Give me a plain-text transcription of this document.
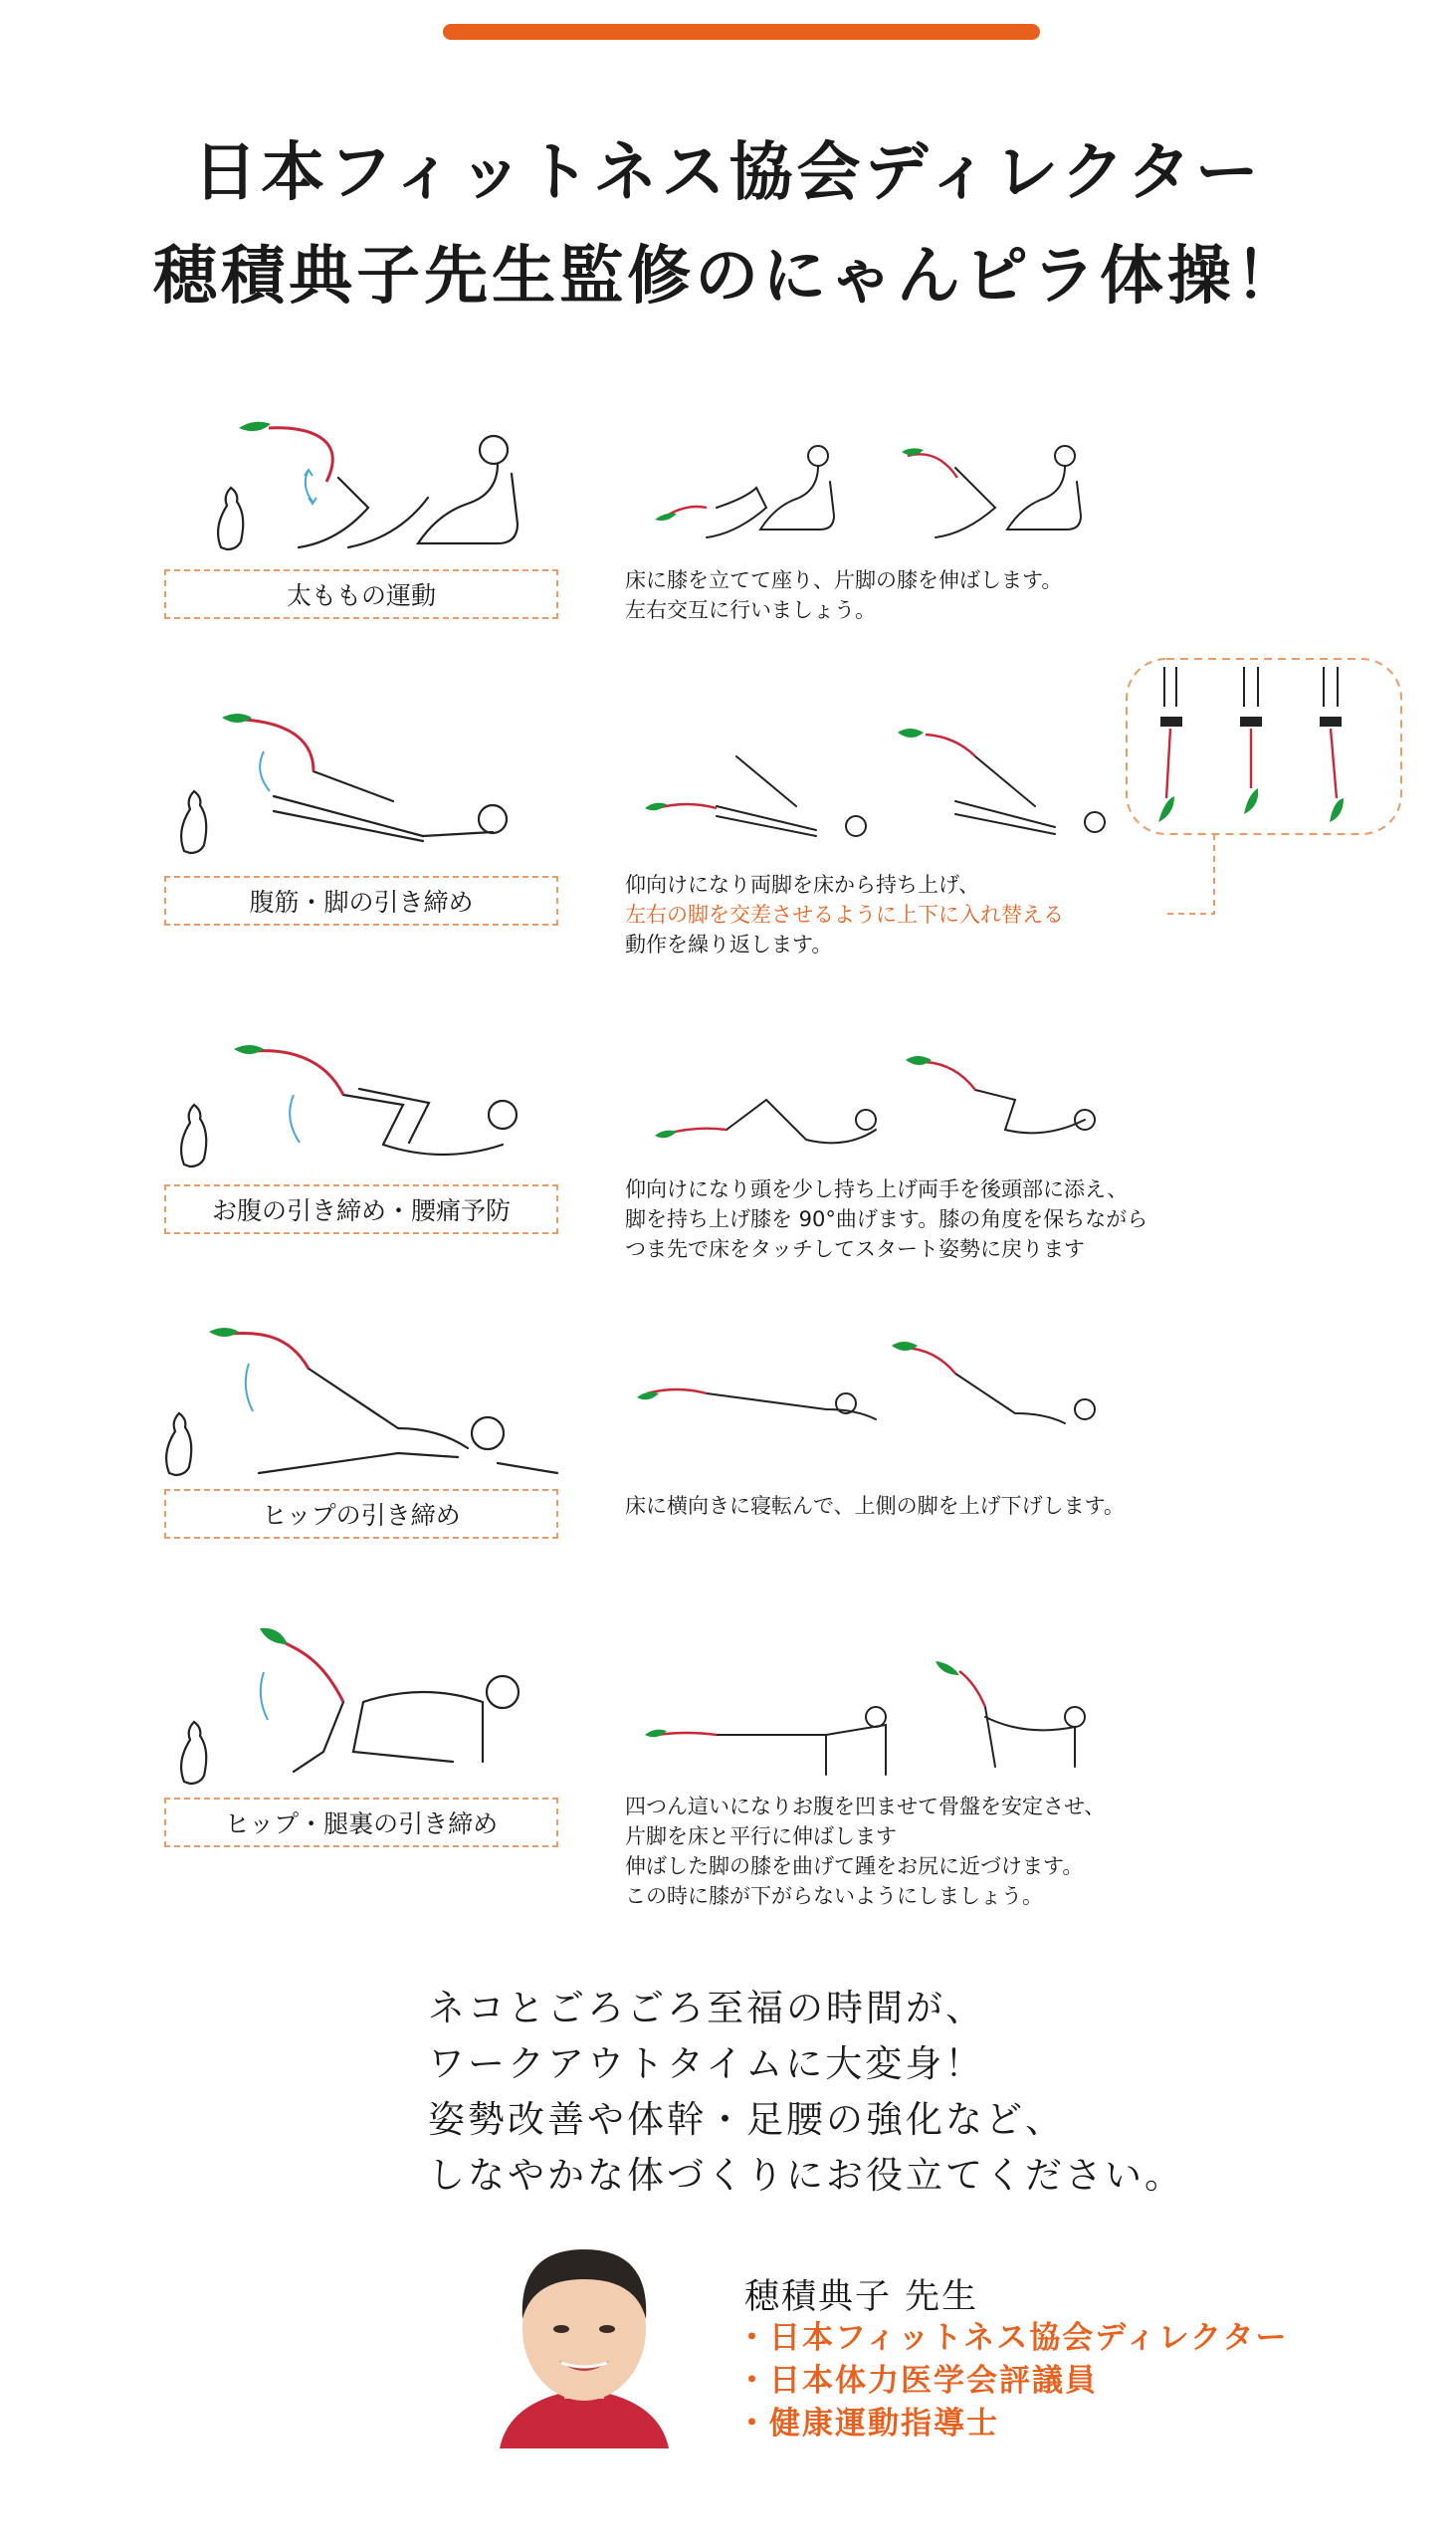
日本フィットネス協会ディレクター
穂積典子先生監修のにゃんピラ体操！
太ももの運動
床に膝を立てて座り、片脚の膝を伸ばします。
左右交互に行いましょう。
腹筋・脚の引き締め
仰向けになり両脚を床から持ち上げ、
左右の脚を交差させるように上下に入れ替える
動作を繰り返します。
お腹の引き締め・腰痛予防
仰向けになり頭を少し持ち上げ両手を後頭部に添え、
脚を持ち上げ膝を 90°曲げます。膝の角度を保ちながら
つま先で床をタッチしてスタート姿勢に戻ります
ヒップの引き締め	床に横向きに寝転んで、上側の脚を上げ下げします。
ヒップ・腿裏の引き締め
四つん這いになりお腹を凹ませて骨盤を安定させ、
片脚を床と平行に伸ばします
伸ばした脚の膝を曲げて踵をお尻に近づけます。
この時に膝が下がらないようにしましょう。
ネコとごろごろ至福の時間が、
ワークアウトタイムに大変身！
姿勢改善や体幹・足腰の強化など、
しなやかな体づくりにお役立てください。
穂積典子 先生
・日本フィットネス協会ディレクター
・日本体力医学会評議員
・健康運動指導士
